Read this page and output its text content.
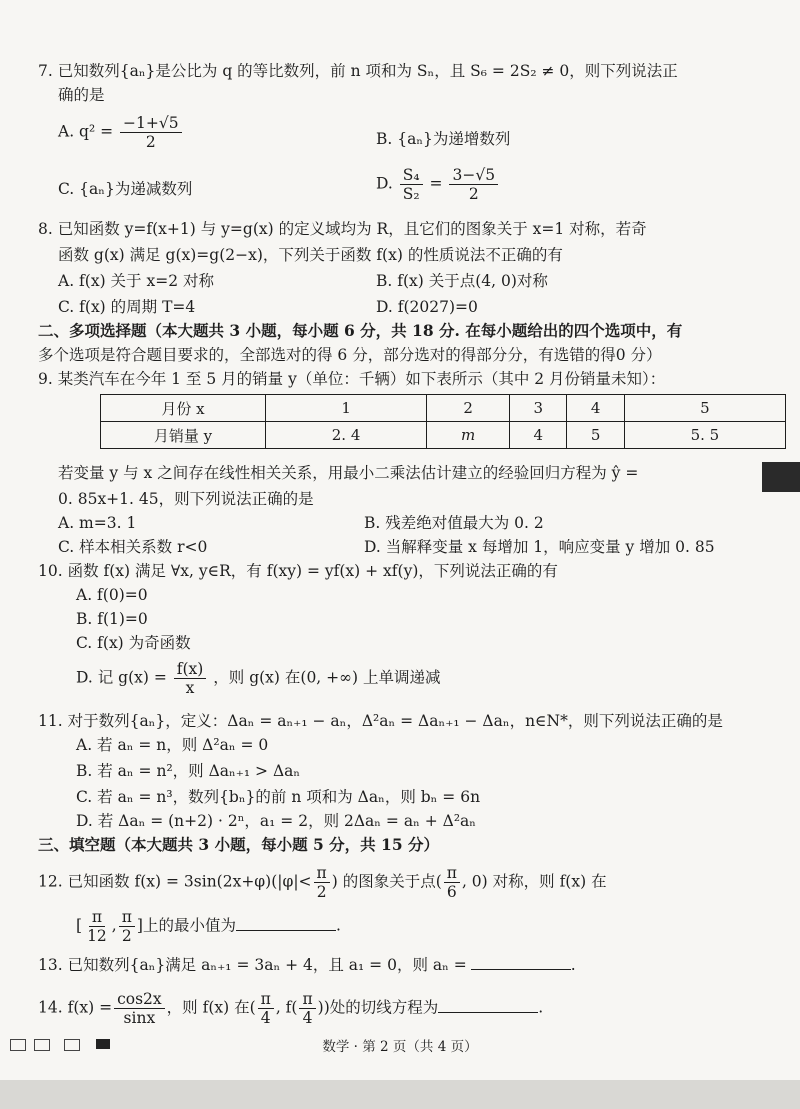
7. 已知数列{aₙ}是公比为 q 的等比数列，前 n 项和为 Sₙ，且 S₆ = 2S₂ ≠ 0，则下列说法正
确的是
A. $q^2 = \frac{-1+√5}{2}$	B. {aₙ}为递增数列
C. {aₙ}为递减数列	D. $\frac{\text{S₄}}{\text{S₂}} = \frac{3-√5}{2}$
8. 已知函数 y=f(x+1) 与 y=g(x) 的定义域均为 R，且它们的图象关于 x=1 对称，若奇
函数 g(x) 满足 g(x)=g(2−x)，下列关于函数 f(x) 的性质说法不正确的有
A. f(x) 关于 x=2 对称	B. f(x) 关于点(4, 0)对称
C. f(x) 的周期 T=4	D. f(2027)=0
二、多项选择题（本大题共 3 小题，每小题 6 分，共 18 分. 在每小题给出的四个选项中，有
多个选项是符合题目要求的，全部选对的得 6 分，部分选对的得部分分，有选错的得0 分）
9. 某类汽车在今年 1 至 5 月的销量 y（单位：千辆）如下表所示（其中 2 月份销量未知）：
月份 x	1	2	3	4	5
月销量 y	2. 4	m	4	5	5. 5
若变量 y 与 x 之间存在线性相关关系，用最小二乘法估计建立的经验回归方程为 ŷ =
0. 85x+1. 45，则下列说法正确的是
A. m=3. 1	B. 残差绝对值最大为 0. 2
C. 样本相关系数 r<0	D. 当解释变量 x 每增加 1，响应变量 y 增加 0. 85
10. 函数 f(x) 满足 ∀x, y∈R，有 f(xy) = yf(x) + xf(y)，下列说法正确的有
A. f(0)=0
B. f(1)=0
C. f(x) 为奇函数
D. 记 $g(x) = \frac{f(x)}{x}$ ，则 g(x) 在(0, +∞) 上单调递减
11. 对于数列{aₙ}，定义：Δaₙ = aₙ₊₁ − aₙ，Δ²aₙ = Δaₙ₊₁ − Δaₙ，n∈N*，则下列说法正确的是
A. 若 aₙ = n，则 Δ²aₙ = 0
B. 若 aₙ = n²，则 Δaₙ₊₁ > Δaₙ
C. 若 aₙ = n³，数列{bₙ}的前 n 项和为 Δaₙ，则 bₙ = 6n
D. 若 Δaₙ = (n+2) · 2ⁿ，a₁ = 2，则 2Δaₙ = aₙ + Δ²aₙ
三、填空题（本大题共 3 小题，每小题 5 分，共 15 分）
12. 已知函数 $f(x) = 3\sin(2x+\varphi)(|\varphi|< \frac{\pi}{2}$ ) 的图象关于点( $\frac{\pi}{6}$ , 0) 对称，则 f(x) 在
[ $\frac{\pi}{12}$ , $\frac{\pi}{2}$ ]上的最小值为	.
13. 已知数列{aₙ}满足 aₙ₊₁ = 3aₙ + 4，且 a₁ = 0，则 aₙ =	.
14. $f(x) = \frac{\cos 2x}{\sin x}$ ，则 f(x) 在( $\frac{\pi}{4}$ , $f( \frac{\pi}{4}$ ))处的切线方程为	.
数学 · 第 2 页（共 4 页）
